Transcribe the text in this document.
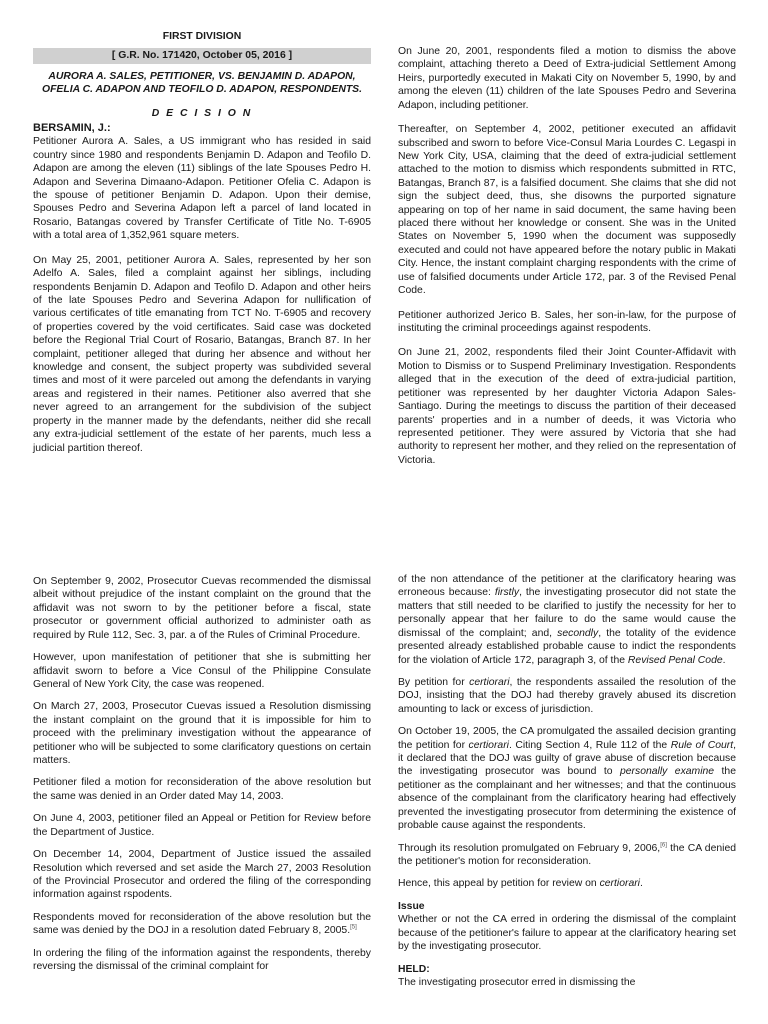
FIRST DIVISION
[ G.R. No. 171420, October 05, 2016 ]
AURORA A. SALES, PETITIONER, VS. BENJAMIN D. ADAPON, OFELIA C. ADAPON AND TEOFILO D. ADAPON, RESPONDENTS.
D E C I S I O N
BERSAMIN, J.:

Petitioner Aurora A. Sales, a US immigrant who has resided in said country since 1980 and respondents Benjamin D. Adapon and Teofilo D. Adapon are among the eleven (11) siblings of the late Spouses Pedro H. Adapon and Severina Dimaano-Adapon. Petitioner Ofelia C. Adapon is the spouse of petitioner Benjamin D. Adapon. Upon their demise, Spouses Pedro and Severina Adapon left a parcel of land located in Rosario, Batangas covered by Transfer Certificate of Title No. T-6905 with a total area of 1,352,961 square meters.

On May 25, 2001, petitioner Aurora A. Sales, represented by her son Adelfo A. Sales, filed a complaint against her siblings, including respondents Benjamin D. Adapon and Teofilo D. Adapon and other heirs of the late Spouses Pedro and Severina Adapon for nullification of various certificates of title emanating from TCT No. T-6905 and recovery of properties covered by the void certificates. Said case was docketed before the Regional Trial Court of Rosario, Batangas, Branch 87. In her complaint, petitioner alleged that during her absence and without her knowledge and consent, the subject property was subdivided several times and most of it were parceled out among the defendants in varying areas and registered in their names. Petitioner also averred that she never agreed to an arrangement for the subdivision of the subject property in the manner made by the defendants, neither did she recall any extra-judicial settlement of the estate of her parents, much less a judicial partition thereof.

On June 20, 2001, respondents filed a motion to dismiss the above complaint, attaching thereto a Deed of Extra-judicial Settlement Among Heirs, purportedly executed in Makati City on November 5, 1990, by and among the eleven (11) children of the late Spouses Pedro and Severina Adapon, including petitioner.

Thereafter, on September 4, 2002, petitioner executed an affidavit subscribed and sworn to before Vice-Consul Maria Lourdes C. Legaspi in New York City, USA, claiming that the deed of extra-judicial settlement attached to the motion to dismiss which respondents submitted in RTC, Batangas, Branch 87, is a falsified document. She claims that she did not sign the subject deed, thus, she disowns the purported signature appearing on top of her name in said document, the same having been placed there without her knowledge or consent. She was in the United States on November 5, 1990 when the document was supposedly executed and could not have appeared before the notary public in Makati City. Hence, the instant complaint charging respondents with the crime of use of falsified documents under Article 172, par. 3 of the Revised Penal Code.

Petitioner authorized Jerico B. Sales, her son-in-law, for the purpose of instituting the criminal proceedings against respodents.

On June 21, 2002, respondents filed their Joint Counter-Affidavit with Motion to Dismiss or to Suspend Preliminary Investigation. Respondents alleged that in the execution of the deed of extra-judicial partition, petitioner was represented by her daughter Victoria Adapon Sales-Santiago. During the meetings to discuss the partition of their deceased parents' properties and in a number of deeds, it was Victoria who represented petitioner. They were assured by Victoria that she had authority to represent her mother, and they relied on the representation of Victoria.

On September 9, 2002, Prosecutor Cuevas recommended the dismissal albeit without prejudice of the instant complaint on the ground that the affidavit was not sworn to by the petitioner before a fiscal, state prosecutor or government official authorized to administer oath as required by Rule 112, Sec. 3, par. a of the Rules of Criminal Procedure.

However, upon manifestation of petitioner that she is submitting her affidavit sworn to before a Vice Consul of the Philippine Consulate General of New York City, the case was reopened.

On March 27, 2003, Prosecutor Cuevas issued a Resolution dismissing the instant complaint on the ground that it is impossible for him to proceed with the preliminary investigation without the appearance of petitioner who will be subjected to some clarificatory questions on certain matters.

Petitioner filed a motion for reconsideration of the above resolution but the same was denied in an Order dated May 14, 2003.

On June 4, 2003, petitioner filed an Appeal or Petition for Review before the Department of Justice.

On December 14, 2004, Department of Justice issued the assailed Resolution which reversed and set aside the March 27, 2003 Resolution of the Provincial Prosecutor and ordered the filing of the corresponding information against rspodents.

Respondents moved for reconsideration of the above resolution but the same was denied by the DOJ in a resolution dated February 8, 2005.[5]

In ordering the filing of the information against the respondents, thereby reversing the dismissal of the criminal complaint for

of the non attendance of the petitioner at the clarificatory hearing was erroneous because: firstly, the investigating prosecutor did not state the matters that still needed to be clarified to justify the necessity for her to personally appear that her failure to do the same would cause the dismissal of the complaint; and, secondly, the totality of the evidence presented already established probable cause to indict the respondents for the violation of Article 172, paragraph 3, of the Revised Penal Code.

By petition for certiorari, the respondents assailed the resolution of the DOJ, insisting that the DOJ had thereby gravely abused its discretion amounting to lack or excess of jurisdiction.

On October 19, 2005, the CA promulgated the assailed decision granting the petition for certiorari. Citing Section 4, Rule 112 of the Rule of Court, it declared that the DOJ was guilty of grave abuse of discretion because the investigating prosecutor was bound to personally examine the petitioner as the complainant and her witnesses; and that the continuous absence of the complainant from the clarificatory hearing had effectively prevented the investigating prosecutor from determining the existence of probable cause against the respondents.

Through its resolution promulgated on February 9, 2006,[6] the CA denied the petitioner's motion for reconsideration.

Hence, this appeal by petition for review on certiorari.

Issue

Whether or not the CA erred in ordering the dismissal of the complaint because of the petitioner's failure to appear at the clarificatory hearing set by the investigating prosecutor.

HELD:

The investigating prosecutor erred in dismissing the
